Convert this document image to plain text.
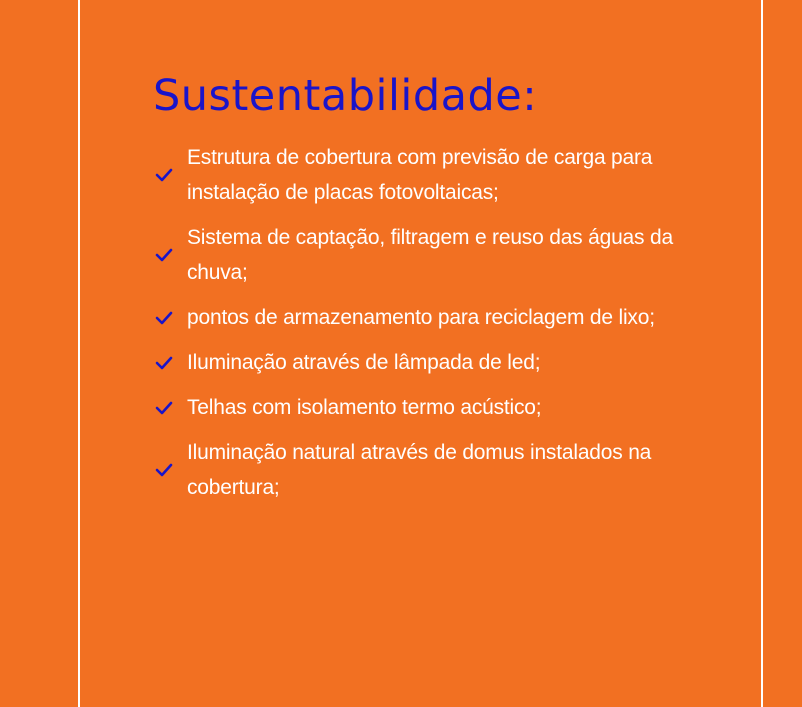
Sustentabilidade:
Estrutura de cobertura com previsão de carga para instalação de placas fotovoltaicas;
Sistema de captação, filtragem e reuso das águas da chuva;
pontos de armazenamento para reciclagem de lixo;
Iluminação através de lâmpada de led;
Telhas com isolamento termo acústico;
Iluminação natural através de domus instalados na cobertura;
